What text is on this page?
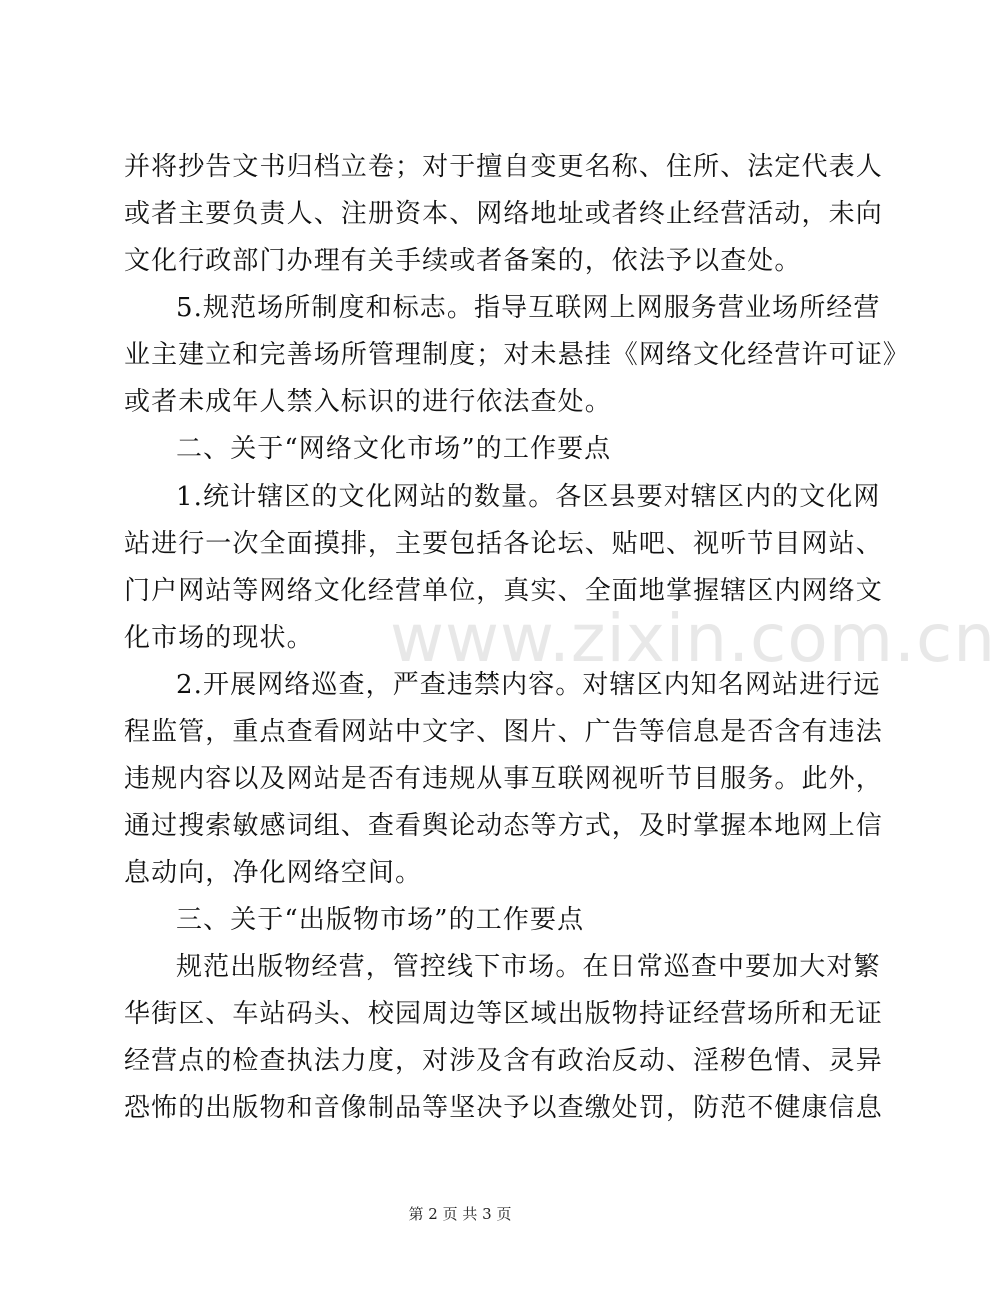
www.zixin.com.cn
并将抄告文书归档立卷；对于擅自变更名称、住所、法定代表人
或者主要负责人、注册资本、网络地址或者终止经营活动，未向
文化行政部门办理有关手续或者备案的，依法予以查处。
5.规范场所制度和标志。指导互联网上网服务营业场所经营
业主建立和完善场所管理制度；对未悬挂《网络文化经营许可证》
或者未成年人禁入标识的进行依法查处。
二、关于“网络文化市场”的工作要点
1.统计辖区的文化网站的数量。各区县要对辖区内的文化网
站进行一次全面摸排，主要包括各论坛、贴吧、视听节目网站、
门户网站等网络文化经营单位，真实、全面地掌握辖区内网络文
化市场的现状。
2.开展网络巡查，严查违禁内容。对辖区内知名网站进行远
程监管，重点查看网站中文字、图片、广告等信息是否含有违法
违规内容以及网站是否有违规从事互联网视听节目服务。此外，
通过搜索敏感词组、查看舆论动态等方式，及时掌握本地网上信
息动向，净化网络空间。
三、关于“出版物市场”的工作要点
规范出版物经营，管控线下市场。在日常巡查中要加大对繁
华街区、车站码头、校园周边等区域出版物持证经营场所和无证
经营点的检查执法力度，对涉及含有政治反动、淫秽色情、灵异
恐怖的出版物和音像制品等坚决予以查缴处罚，防范不健康信息
第 2 页 共 3 页
